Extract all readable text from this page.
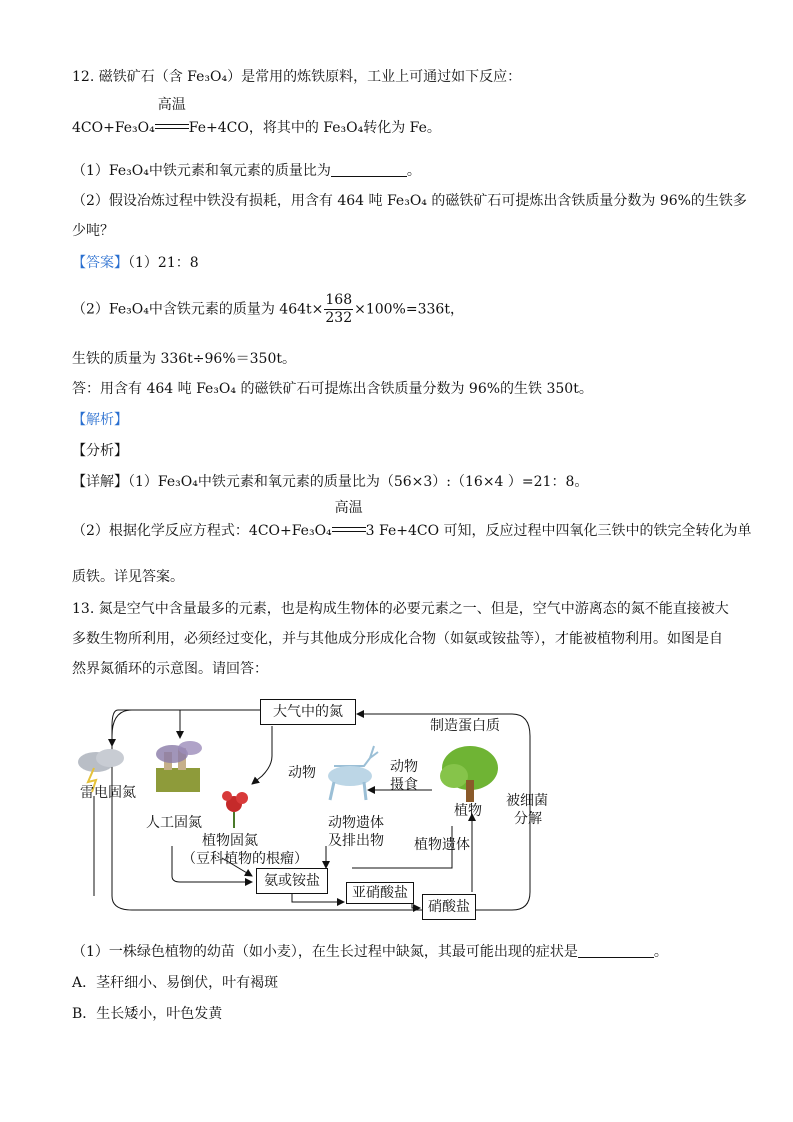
12. 磁铁矿石（含 Fe₃O₄）是常用的炼铁原料，工业上可通过如下反应：
4CO+Fe₃O₄
高温
Fe+4CO，将其中的 Fe₃O₄转化为 Fe。
（1）Fe₃O₄中铁元素和氧元素的质量比为	。
（2）假设冶炼过程中铁没有损耗，用含有 464 吨 Fe₃O₄ 的磁铁矿石可提炼出含铁质量分数为 96%的生铁多
少吨？
【答案】（1）21：8
（2）Fe₃O₄中含铁元素的质量为 $464t\times \frac{168}{232} \times 100\%=336t$，
生铁的质量为 336t÷96%＝350t。
答：用含有 464 吨 Fe₃O₄ 的磁铁矿石可提炼出含铁质量分数为 96%的生铁 350t。
【解析】
【分析】
【详解】（1）Fe₃O₄中铁元素和氧元素的质量比为（56×3）:（16×4 ）=21：8。
（2）根据化学反应方程式：4CO+Fe₃O₄
高温
3 Fe+4CO 可知，反应过程中四氧化三铁中的铁完全转化为单
质铁。详见答案。
13. 氮是空气中含量最多的元素，也是构成生物体的必要元素之一、但是，空气中游离态的氮不能直接被大
多数生物所利用，必须经过变化，并与其他成分形成化合物（如氨或铵盐等），才能被植物利用。如图是自
然界氮循环的示意图。请回答：
大气中的氮
制造蛋白质
动物	动物
摄食
雷电固氮
人工固氮
植物固氮
（豆科植物的根瘤）
动物遗体
及排出物
植物
植物遗体
被细菌
分解
氨或铵盐
亚硝酸盐
硝酸盐
（1）一株绿色植物的幼苗（如小麦），在生长过程中缺氮，其最可能出现的症状是	。
A．茎秆细小、易倒伏，叶有褐斑
B．生长矮小，叶色发黄
